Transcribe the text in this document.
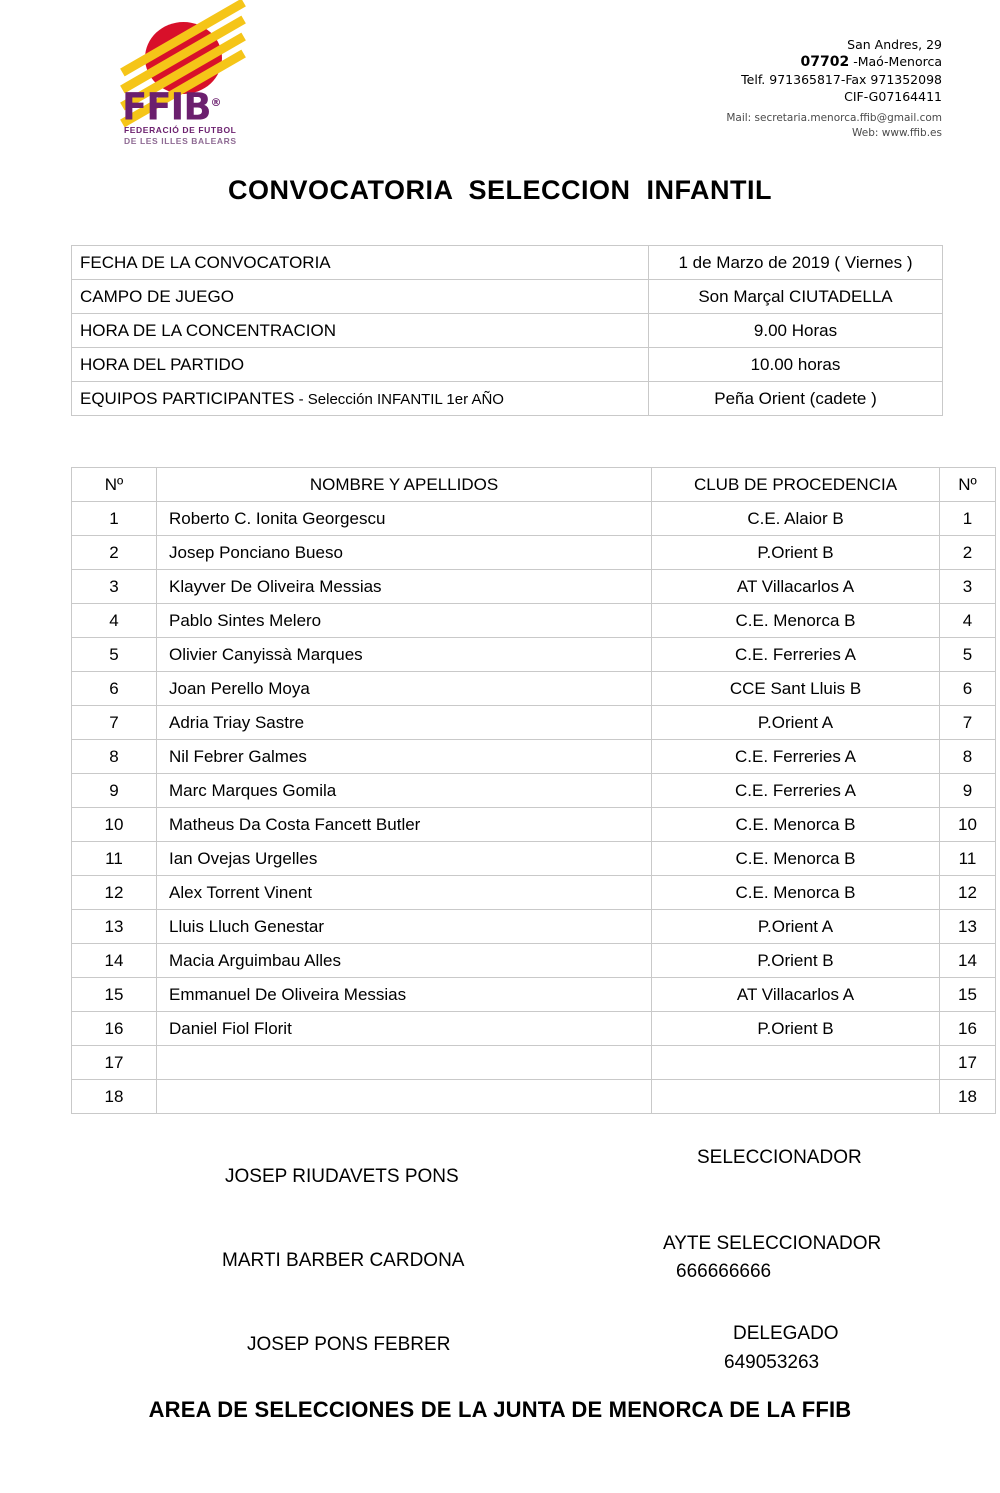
FFIB®
FEDERACIÓ DE FUTBOL
DE LES ILLES BALEARS
San Andres, 29
07702 -Maó-Menorca
Telf. 971365817-Fax 971352098
CIF-G07164411
Mail: secretaria.menorca.ffib@gmail.com
Web: www.ffib.es
CONVOCATORIA  SELECCION  INFANTIL
FECHA DE LA CONVOCATORIA	1 de Marzo de 2019 ( Viernes )
CAMPO DE JUEGO	Son Marçal CIUTADELLA
HORA DE LA CONCENTRACION	9.00 Horas
HORA DEL PARTIDO	10.00 horas
EQUIPOS PARTICIPANTES - Selección INFANTIL 1er AÑO	Peña Orient (cadete )
Nº	NOMBRE Y APELLIDOS	CLUB DE PROCEDENCIA	Nº
1	Roberto C. Ionita Georgescu	C.E. Alaior B	1
2	Josep Ponciano Bueso	P.Orient B	2
3	Klayver De Oliveira Messias	AT Villacarlos A	3
4	Pablo Sintes Melero	C.E. Menorca B	4
5	Olivier Canyissà Marques	C.E. Ferreries A	5
6	Joan Perello Moya	CCE Sant Lluis B	6
7	Adria Triay Sastre	P.Orient A	7
8	Nil Febrer Galmes	C.E. Ferreries A	8
9	Marc Marques Gomila	C.E. Ferreries A	9
10	Matheus Da Costa Fancett Butler	C.E. Menorca B	10
11	Ian Ovejas Urgelles	C.E. Menorca B	11
12	Alex Torrent Vinent	C.E. Menorca B	12
13	Lluis Lluch Genestar	P.Orient A	13
14	Macia Arguimbau Alles	P.Orient B	14
15	Emmanuel De Oliveira Messias	AT Villacarlos A	15
16	Daniel Fiol Florit	P.Orient B	16
17			17
18			18
JOSEP RIUDAVETS PONS
SELECCIONADOR
MARTI BARBER CARDONA
AYTE SELECCIONADOR
666666666
JOSEP PONS FEBRER
DELEGADO
649053263
AREA DE SELECCIONES DE LA JUNTA DE MENORCA DE LA FFIB
